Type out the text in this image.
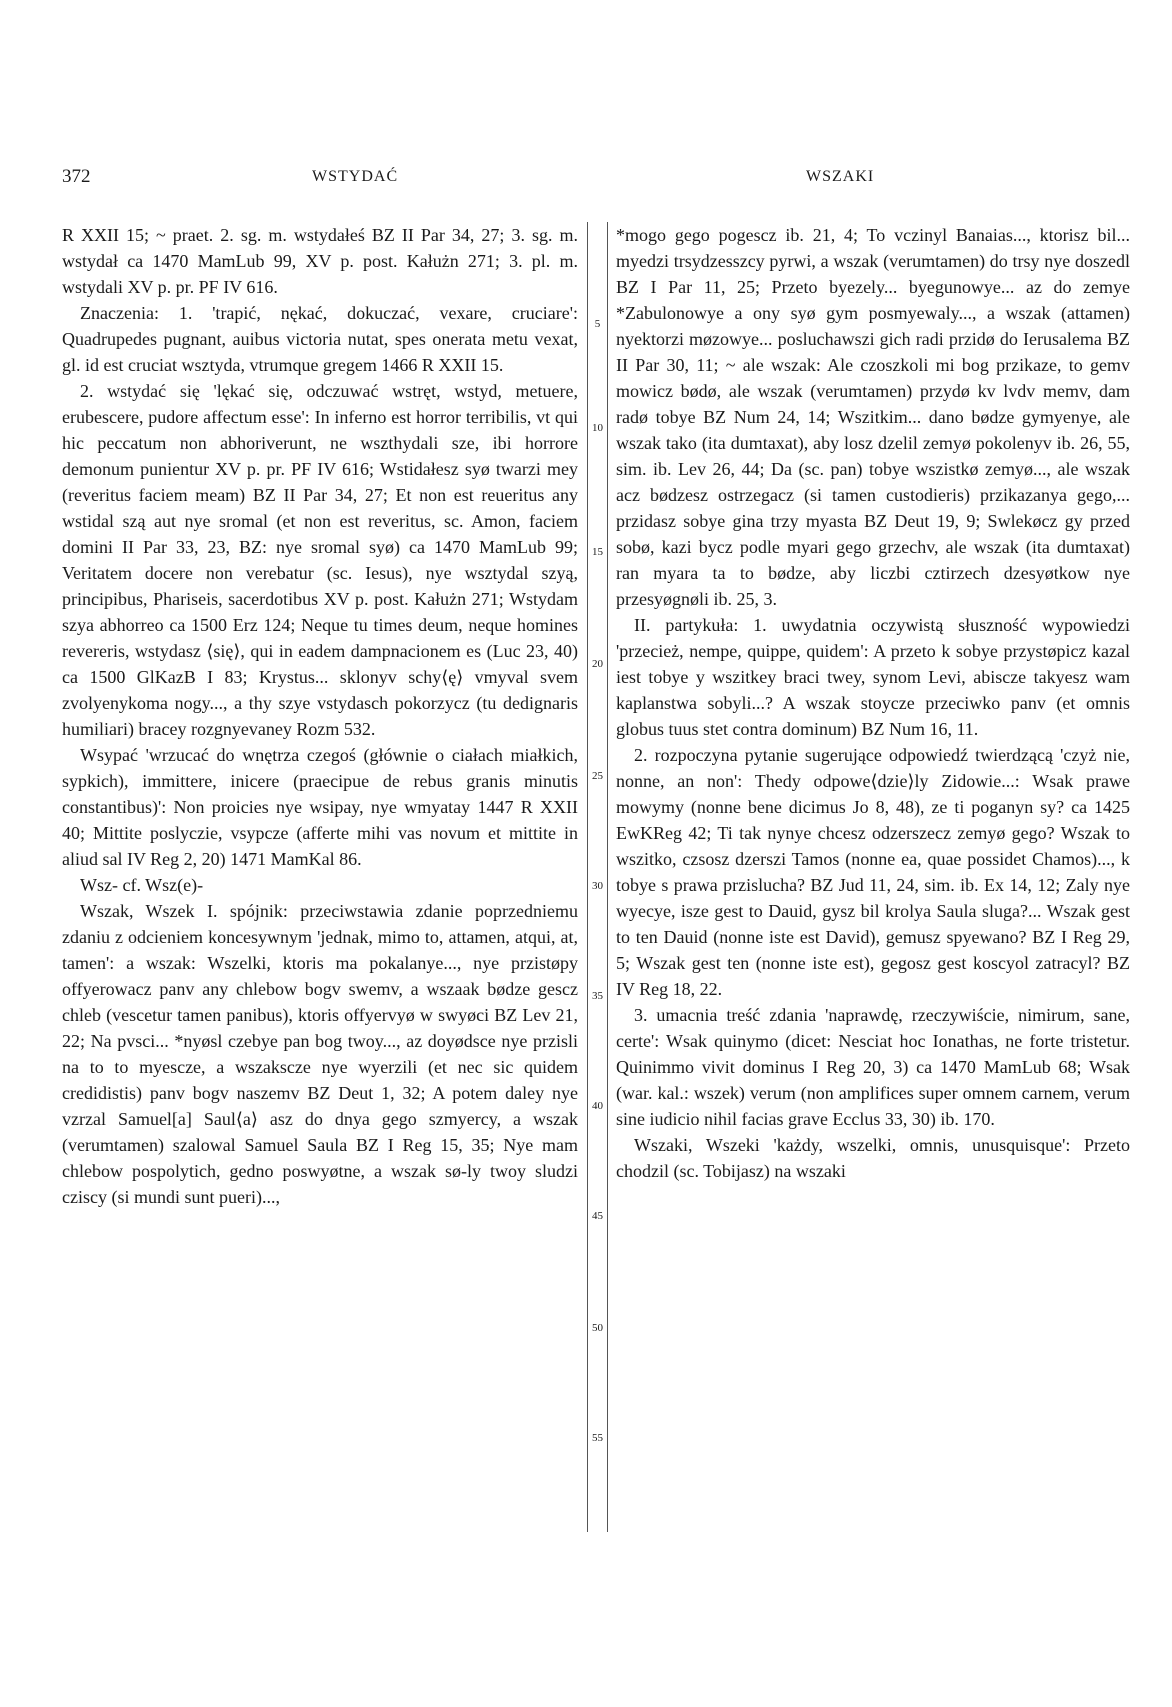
372	WSTYDAĆ	WSZAKI

R XXII 15; ~ praet. 2. sg. m. wstydałeś BZ II Par 34, 27; 3. sg. m. wstydał ca 1470 MamLub 99, XV p. post. Kałużn 271; 3. pl. m. wstydali XV p. pr. PF IV 616.

Znaczenia: 1. 'trapić, nękać, dokuczać, vexare, cruciare': Quadrupedes pugnant, auibus victoria nutat, spes onerata metu vexat, gl. id est cruciat wsztyda, vtrumque gregem 1466 R XXII 15.

2. wstydać się 'lękać się, odczuwać wstręt, wstyd, metuere, erubescere, pudore affectum esse': In inferno est horror terribilis, vt qui hic peccatum non abhoriverunt, ne wszthydali sze, ibi horrore demonum punientur XV p. pr. PF IV 616; Wstidałesz syø twarzi mey (reveritus faciem meam) BZ II Par 34, 27; Et non est reueritus any wstidal szą aut nye sromal (et non est reveritus, sc. Amon, faciem domini II Par 33, 23, BZ: nye sromal syø) ca 1470 MamLub 99; Veritatem docere non verebatur (sc. Iesus), nye wsztydal szyą, principibus, Phariseis, sacerdotibus XV p. post. Kałużn 271; Wstydam szya abhorreo ca 1500 Erz 124; Neque tu times deum, neque homines revereris, wstydasz ⟨się⟩, qui in eadem dampnacionem es (Luc 23, 40) ca 1500 GlKazB I 83; Krystus... sklonyv schy⟨ę⟩ vmyval svem zvolyenykoma nogy..., a thy szye vstydasch pokorzycz (tu dedignaris humiliari) bracey rozgnyevaney Rozm 532.

Wsypać 'wrzucać do wnętrza czegoś (głównie o ciałach miałkich, sypkich), immittere, inicere (praecipue de rebus granis minutis constantibus)': Non proicies nye wsipay, nye wmyatay 1447 R XXII 40; Mittite poslyczie, vsypcze (afferte mihi vas novum et mittite in aliud sal IV Reg 2, 20) 1471 MamKal 86.

Wsz- cf. Wsz(e)-

Wszak, Wszek I. spójnik: przeciwstawia zdanie poprzedniemu zdaniu z odcieniem koncesywnym 'jednak, mimo to, attamen, atqui, at, tamen': a wszak: Wszelki, ktoris ma pokalanye..., nye przistøpy offyerowacz panv any chlebow bogv swemv, a wszaak bødze gescz chleb (vescetur tamen panibus), ktoris offyervyø w swyøci BZ Lev 21, 22; Na pvsci... *nyøsl czebye pan bog twoy..., az doyødsce nye przisli na to to myescze, a wszakscze nye wyerzili (et nec sic quidem credidistis) panv bogv naszemv BZ Deut 1, 32; A potem daley nye vzrzal Samuel[a] Saul⟨a⟩ asz do dnya gego szmyercy, a wszak (verumtamen) szalowal Samuel Saula BZ I Reg 15, 35; Nye mam chlebow pospolytich, gedno poswyøtne, a wszak sø-ly twoy sludzi cziscy (si mundi sunt pueri)...,

5
10
15
20
25
30
35
40
45
50
55

*mogo gego pogescz ib. 21, 4; To vczinyl Banaias..., ktorisz bil... myedzi trsydzesszcy pyrwi, a wszak (verumtamen) do trsy nye doszedl BZ I Par 11, 25; Przeto byezely... byegunowye... az do zemye *Zabulonowye a ony syø gym posmyewaly..., a wszak (attamen) nyektorzi møzowye... posluchawszi gich radi przidø do Ierusalema BZ II Par 30, 11; ~ ale wszak: Ale czoszkoli mi bog przikaze, to gemv mowicz bødø, ale wszak (verumtamen) przydø kv lvdv memv, dam radø tobye BZ Num 24, 14; Wszitkim... dano bødze gymyenye, ale wszak tako (ita dumtaxat), aby losz dzelil zemyø pokolenyv ib. 26, 55, sim. ib. Lev 26, 44; Da (sc. pan) tobye wszistkø zemyø..., ale wszak acz bødzesz ostrzegacz (si tamen custodieris) przikazanya gego,... przidasz sobye gina trzy myasta BZ Deut 19, 9; Swlekøcz gy przed sobø, kazi bycz podle myari gego grzechv, ale wszak (ita dumtaxat) ran myara ta to bødze, aby liczbi cztirzech dzesyøtkow nye przesyøgnøli ib. 25, 3.

II. partykuła: 1. uwydatnia oczywistą słuszność wypowiedzi 'przecież, nempe, quippe, quidem': A przeto k sobye przystøpicz kazal iest tobye y wszitkey braci twey, synom Levi, abiscze takyesz wam kaplanstwa sobyli...? A wszak stoycze przeciwko panv (et omnis globus tuus stet contra dominum) BZ Num 16, 11.

2. rozpoczyna pytanie sugerujące odpowiedź twierdzącą 'czyż nie, nonne, an non': Thedy odpowe⟨dzie⟩ly Zidowie...: Wsak prawe mowymy (nonne bene dicimus Jo 8, 48), ze ti poganyn sy? ca 1425 EwKReg 42; Ti tak nynye chcesz odzerszecz zemyø gego? Wszak to wszitko, czsosz dzerszi Tamos (nonne ea, quae possidet Chamos)..., k tobye s prawa przislucha? BZ Jud 11, 24, sim. ib. Ex 14, 12; Zaly nye wyecye, isze gest to Dauid, gysz bil krolya Saula sluga?... Wszak gest to ten Dauid (nonne iste est David), gemusz spyewano? BZ I Reg 29, 5; Wszak gest ten (nonne iste est), gegosz gest koscyol zatracyl? BZ IV Reg 18, 22.

3. umacnia treść zdania 'naprawdę, rzeczywiście, nimirum, sane, certe': Wsak quinymo (dicet: Nesciat hoc Ionathas, ne forte tristetur. Quinimmo vivit dominus I Reg 20, 3) ca 1470 MamLub 68; Wsak (war. kal.: wszek) verum (non amplifices super omnem carnem, verum sine iudicio nihil facias grave Ecclus 33, 30) ib. 170.

Wszaki, Wszeki 'każdy, wszelki, omnis, unusquisque': Przeto chodzil (sc. Tobijasz) na wszaki
